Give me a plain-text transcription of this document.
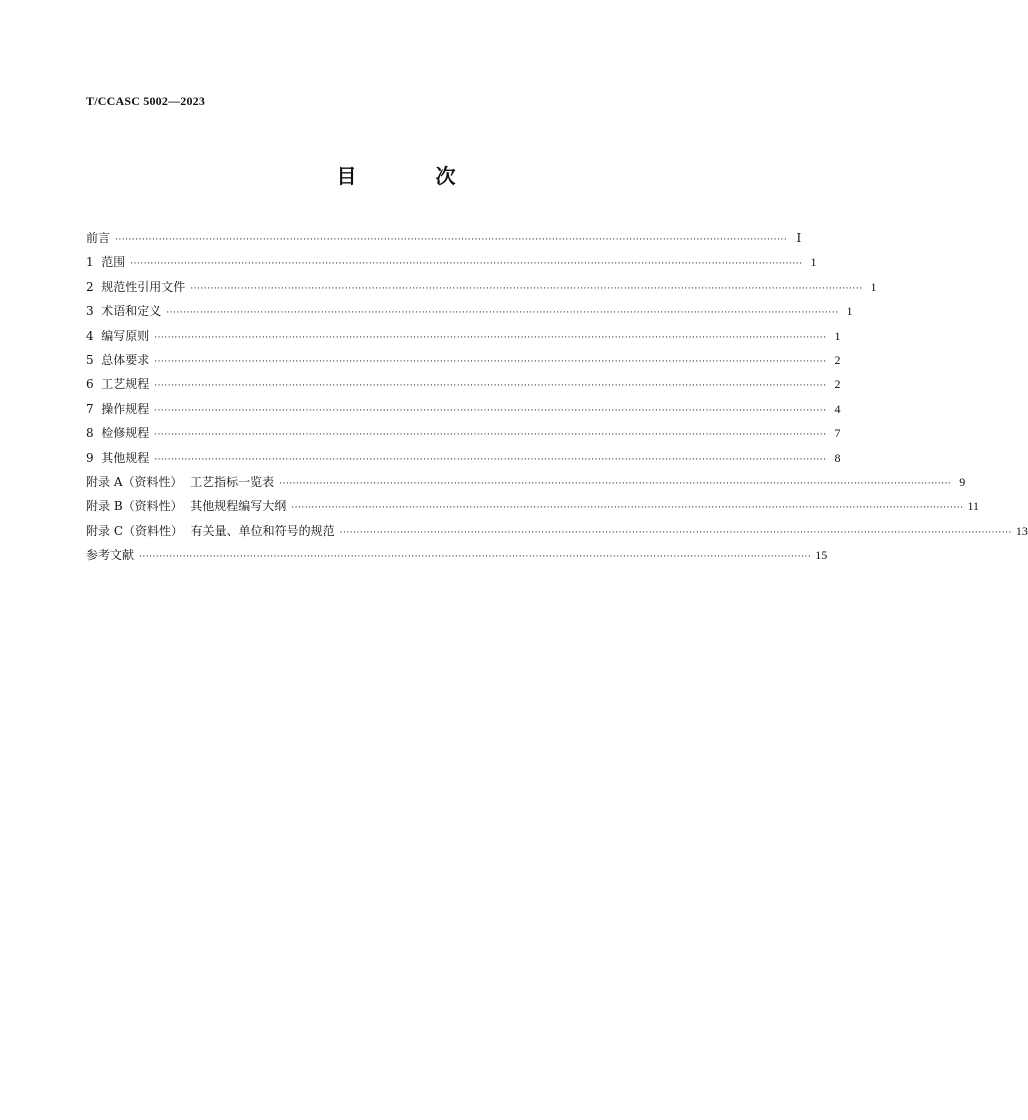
T/CCASC 5002—2023
目 次
前言 ········································································································································································································ Ⅰ
1  范围 ········································································································································································································ 1
2  规范性引用文件 ········································································································································································································ 1
3  术语和定义 ········································································································································································································ 1
4  编写原则 ········································································································································································································ 1
5  总体要求 ········································································································································································································ 2
6  工艺规程 ········································································································································································································ 2
7  操作规程 ········································································································································································································ 4
8  检修规程 ········································································································································································································ 7
9  其他规程 ········································································································································································································ 8
附录 A（资料性）  工艺指标一览表 ········································································································································································································ 9
附录 B（资料性）  其他规程编写大纲 ········································································································································································································ 11
附录 C（资料性）  有关量、单位和符号的规范 ········································································································································································································ 13
参考文献 ········································································································································································································ 15
